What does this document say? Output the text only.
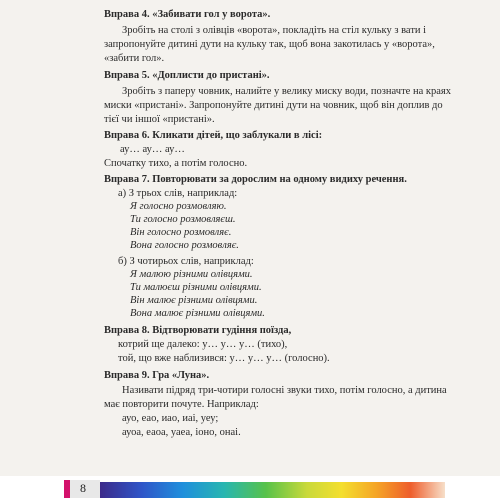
Вправа 4. «Забивати гол у ворота».
Зробіть на столі з олівців «ворота», покладіть на стіл кульку з вати і
запропонуйте дитині дути на кульку так, щоб вона закотилась у «ворота»,
«забити гол».
Вправа 5. «Доплисти до пристані».
Зробіть з паперу човник, налийте у велику миску води, позначте на краях
миски «пристані». Запропонуйте дитині дути на човник, щоб він доплив до
тієї чи іншої «пристані».
Вправа 6. Кликати дітей, що заблукали в лісі:
ау… ау… ау…
Спочатку тихо, а потім голосно.
Вправа 7. Повторювати за дорослим на одному видиху речення.
а) З трьох слів, наприклад:
Я голосно розмовляю.
Ти голосно розмовляєш.
Він голосно розмовляє.
Вона голосно розмовляє.
б) З чотирьох слів, наприклад:
Я малюю різними олівцями.
Ти малюєш різними олівцями.
Він малює різними олівцями.
Вона малює різними олівцями.
Вправа 8. Відтворювати гудіння поїзда,
котрий ще далеко: у… у… у… (тихо),
той, що вже наблизився: у… у… у… (голосно).
Вправа 9. Гра «Луна».
Називати підряд три-чотири голосні звуки тихо, потім голосно, а дитина
має повторити почуте. Наприклад:
ауо, еао, иао, иаі, уеу;
ауоа, еаоа, уаеа, іоно, онаі.
8
